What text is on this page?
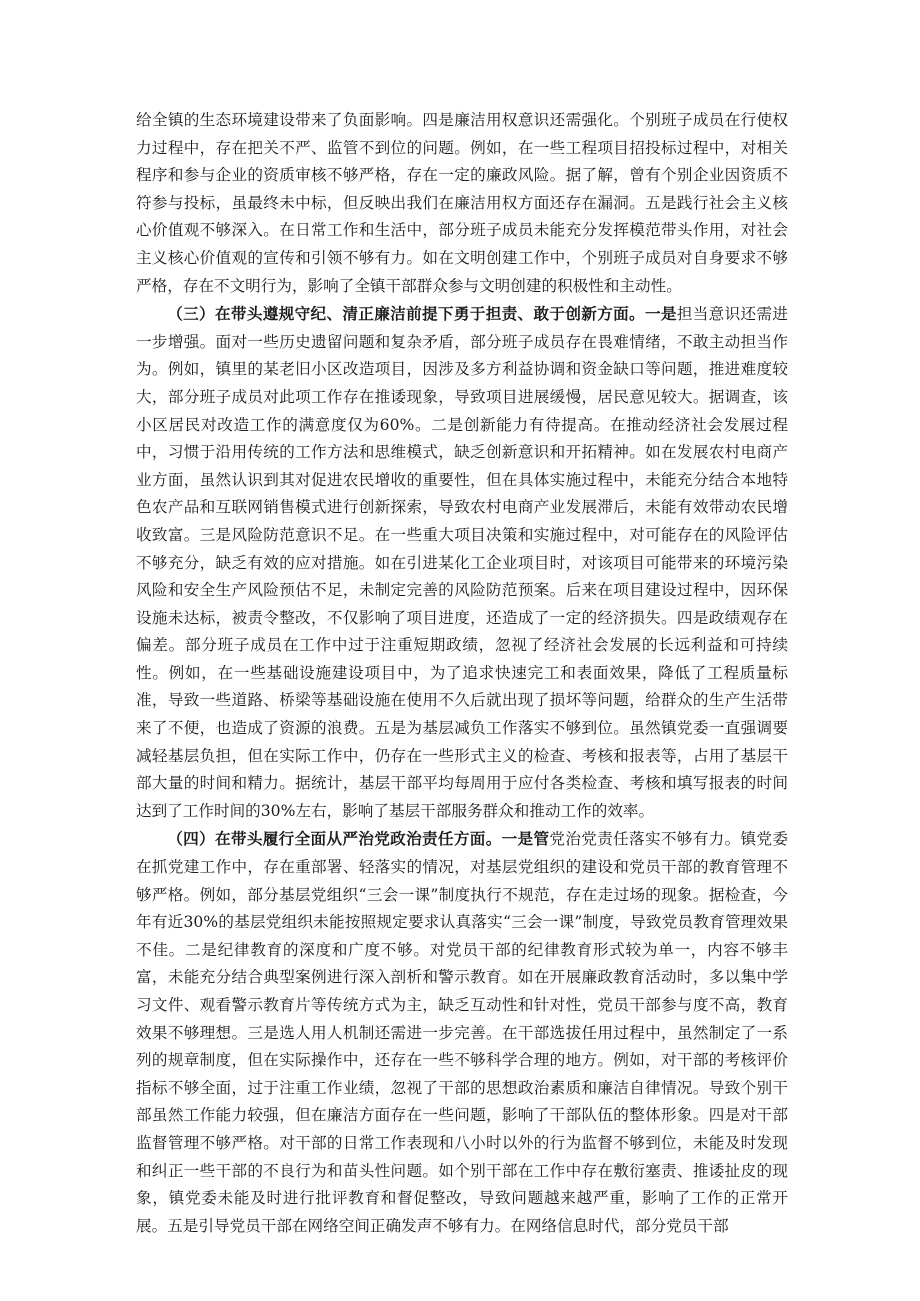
给全镇的生态环境建设带来了负面影响。四是廉洁用权意识还需强化。个别班子成员在行使权力过程中，存在把关不严、监管不到位的问题。例如，在一些工程项目招投标过程中，对相关程序和参与企业的资质审核不够严格，存在一定的廉政风险。据了解，曾有个别企业因资质不符参与投标，虽最终未中标，但反映出我们在廉洁用权方面还存在漏洞。五是践行社会主义核心价值观不够深入。在日常工作和生活中，部分班子成员未能充分发挥模范带头作用，对社会主义核心价值观的宣传和引领不够有力。如在文明创建工作中，个别班子成员对自身要求不够严格，存在不文明行为，影响了全镇干部群众参与文明创建的积极性和主动性。

（三）在带头遵规守纪、清正廉洁前提下勇于担责、敢于创新方面。一是担当意识还需进一步增强。面对一些历史遗留问题和复杂矛盾，部分班子成员存在畏难情绪，不敢主动担当作为。例如，镇里的某老旧小区改造项目，因涉及多方利益协调和资金缺口等问题，推进难度较大，部分班子成员对此项工作存在推诿现象，导致项目进展缓慢，居民意见较大。据调查，该小区居民对改造工作的满意度仅为60%。二是创新能力有待提高。在推动经济社会发展过程中，习惯于沿用传统的工作方法和思维模式，缺乏创新意识和开拓精神。如在发展农村电商产业方面，虽然认识到其对促进农民增收的重要性，但在具体实施过程中，未能充分结合本地特色农产品和互联网销售模式进行创新探索，导致农村电商产业发展滞后，未能有效带动农民增收致富。三是风险防范意识不足。在一些重大项目决策和实施过程中，对可能存在的风险评估不够充分，缺乏有效的应对措施。如在引进某化工企业项目时，对该项目可能带来的环境污染风险和安全生产风险预估不足，未制定完善的风险防范预案。后来在项目建设过程中，因环保设施未达标，被责令整改，不仅影响了项目进度，还造成了一定的经济损失。四是政绩观存在偏差。部分班子成员在工作中过于注重短期政绩，忽视了经济社会发展的长远利益和可持续性。例如，在一些基础设施建设项目中，为了追求快速完工和表面效果，降低了工程质量标准，导致一些道路、桥梁等基础设施在使用不久后就出现了损坏等问题，给群众的生产生活带来了不便，也造成了资源的浪费。五是为基层减负工作落实不够到位。虽然镇党委一直强调要减轻基层负担，但在实际工作中，仍存在一些形式主义的检查、考核和报表等，占用了基层干部大量的时间和精力。据统计，基层干部平均每周用于应付各类检查、考核和填写报表的时间达到了工作时间的30%左右，影响了基层干部服务群众和推动工作的效率。

（四）在带头履行全面从严治党政治责任方面。一是管党治党责任落实不够有力。镇党委在抓党建工作中，存在重部署、轻落实的情况，对基层党组织的建设和党员干部的教育管理不够严格。例如，部分基层党组织“三会一课”制度执行不规范，存在走过场的现象。据检查，今年有近30%的基层党组织未能按照规定要求认真落实“三会一课”制度，导致党员教育管理效果不佳。二是纪律教育的深度和广度不够。对党员干部的纪律教育形式较为单一，内容不够丰富，未能充分结合典型案例进行深入剖析和警示教育。如在开展廉政教育活动时，多以集中学习文件、观看警示教育片等传统方式为主，缺乏互动性和针对性，党员干部参与度不高，教育效果不够理想。三是选人用人机制还需进一步完善。在干部选拔任用过程中，虽然制定了一系列的规章制度，但在实际操作中，还存在一些不够科学合理的地方。例如，对干部的考核评价指标不够全面，过于注重工作业绩，忽视了干部的思想政治素质和廉洁自律情况。导致个别干部虽然工作能力较强，但在廉洁方面存在一些问题，影响了干部队伍的整体形象。四是对干部监督管理不够严格。对干部的日常工作表现和八小时以外的行为监督不够到位，未能及时发现和纠正一些干部的不良行为和苗头性问题。如个别干部在工作中存在敷衍塞责、推诿扯皮的现象，镇党委未能及时进行批评教育和督促整改，导致问题越来越严重，影响了工作的正常开展。五是引导党员干部在网络空间正确发声不够有力。在网络信息时代，部分党员干部
